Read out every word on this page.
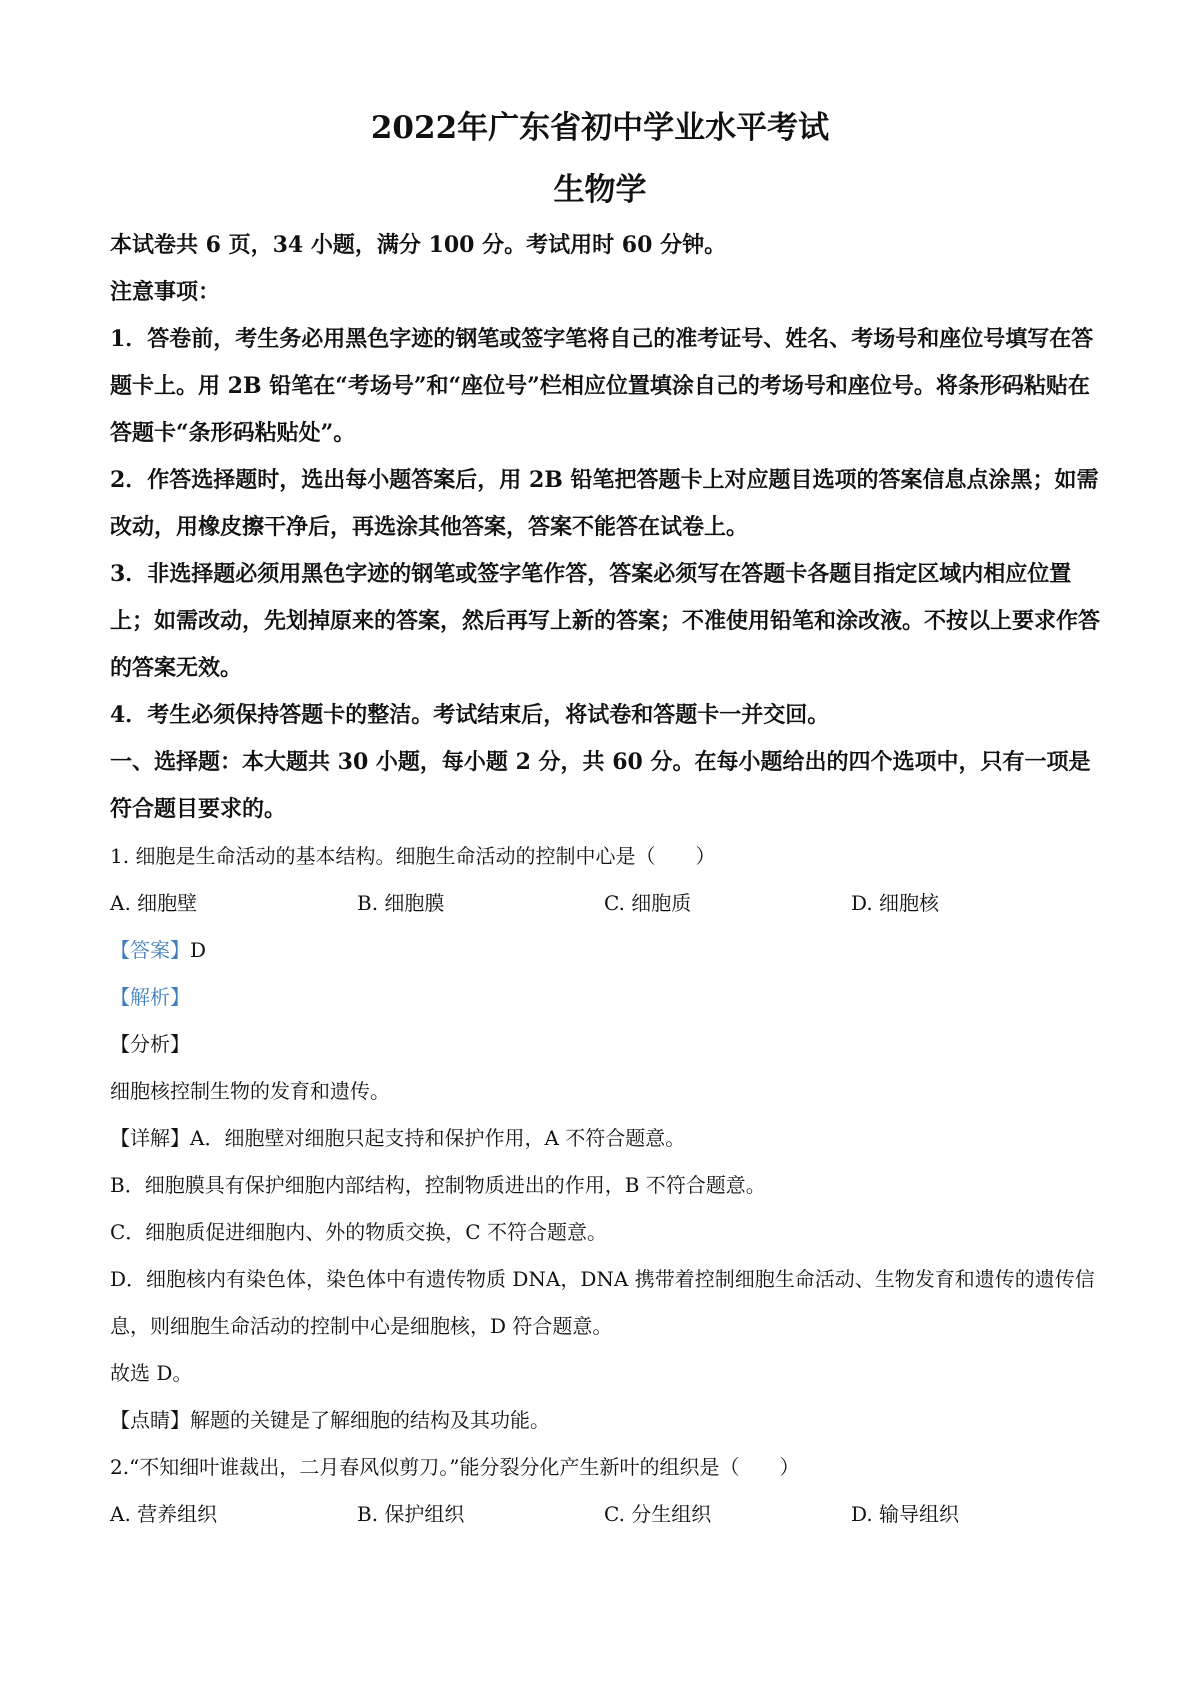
2022年广东省初中学业水平考试
生物学

本试卷共 6 页，34 小题，满分 100 分。考试用时 60 分钟。

注意事项：

1．答卷前，考生务必用黑色字迹的钢笔或签字笔将自己的准考证号、姓名、考场号和座位号填写在答题卡上。用 2B 铅笔在“考场号”和“座位号”栏相应位置填涂自己的考场号和座位号。将条形码粘贴在答题卡“条形码粘贴处”。

2．作答选择题时，选出每小题答案后，用 2B 铅笔把答题卡上对应题目选项的答案信息点涂黑；如需改动，用橡皮擦干净后，再选涂其他答案，答案不能答在试卷上。

3．非选择题必须用黑色字迹的钢笔或签字笔作答，答案必须写在答题卡各题目指定区域内相应位置上；如需改动，先划掉原来的答案，然后再写上新的答案；不准使用铅笔和涂改液。不按以上要求作答的答案无效。

4．考生必须保持答题卡的整洁。考试结束后，将试卷和答题卡一并交回。

一、选择题：本大题共 30 小题，每小题 2 分，共 60 分。在每小题给出的四个选项中，只有一项是符合题目要求的。

1. 细胞是生命活动的基本结构。细胞生命活动的控制中心是（　　）

A. 细胞壁	B. 细胞膜	C. 细胞质	D. 细胞核

【答案】D

【解析】

【分析】

细胞核控制生物的发育和遗传。

【详解】A．细胞壁对细胞只起支持和保护作用，A 不符合题意。

B．细胞膜具有保护细胞内部结构，控制物质进出的作用，B 不符合题意。

C．细胞质促进细胞内、外的物质交换，C 不符合题意。

D．细胞核内有染色体，染色体中有遗传物质 DNA，DNA 携带着控制细胞生命活动、生物发育和遗传的遗传信息，则细胞生命活动的控制中心是细胞核，D 符合题意。

故选 D。

【点睛】解题的关键是了解细胞的结构及其功能。

2.“不知细叶谁裁出，二月春风似剪刀。”能分裂分化产生新叶的组织是（　　）

A. 营养组织	B. 保护组织	C. 分生组织	D. 输导组织
